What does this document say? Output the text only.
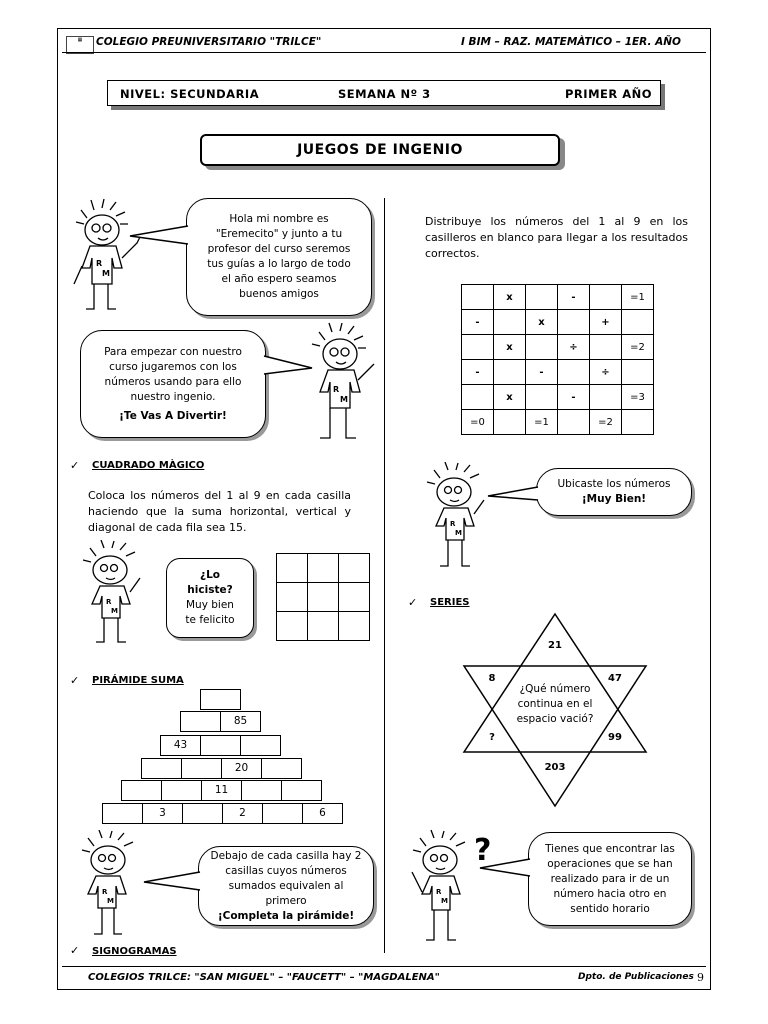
▦	COLEGIO PREUNIVERSITARIO "TRILCE"	I BIM – RAZ. MATEMÀTICO – 1ER. AÑO
NIVEL: SECUNDARIA	SEMANA Nº 3	PRIMER AÑO
JUEGOS DE INGENIO
R
M
Hola mi nombre es
"Eremecito" y junto a tu
profesor del curso seremos
tus guías a lo largo de todo
el año espero seamos
buenos amigos
Para empezar con nuestro
curso jugaremos con los
números usando para ello
nuestro ingenio.
¡Te Vas A Divertir!
R
M
✓ CUADRADO MÀGICO
Coloca los números del 1 al 9 en cada casilla haciendo que la suma horizontal, vertical y diagonal de cada fila sea 15.
R
M
¿Lo
hiciste?
Muy bien
te felicito

✓ PIRÁMIDE SUMA
85
43
20
11
3	2	6
R
M
Debajo de cada casilla hay 2
casillas cuyos números
sumados equivalen al primero
¡Completa la pirámide!
✓ SIGNOGRAMAS
Distribuye los números del 1 al 9 en los casilleros en blanco para llegar a los resultados correctos.
	x		-		=1
-		x		+	
	x		÷		=2
-		-		÷	
	x		-		=3
=0		=1		=2	
R
M
Ubicaste los números
¡Muy Bien!
✓ SERIES
21
8	47
?	99
203
¿Qué número
continua en el
espacio vació?
?
R
M
Tienes que encontrar las
operaciones que se han
realizado para ir de un
número hacia otro en
sentido horario
COLEGIOS TRILCE: "SAN MIGUEL" – "FAUCETT" – "MAGDALENA"	Dpto. de Publicaciones 9
